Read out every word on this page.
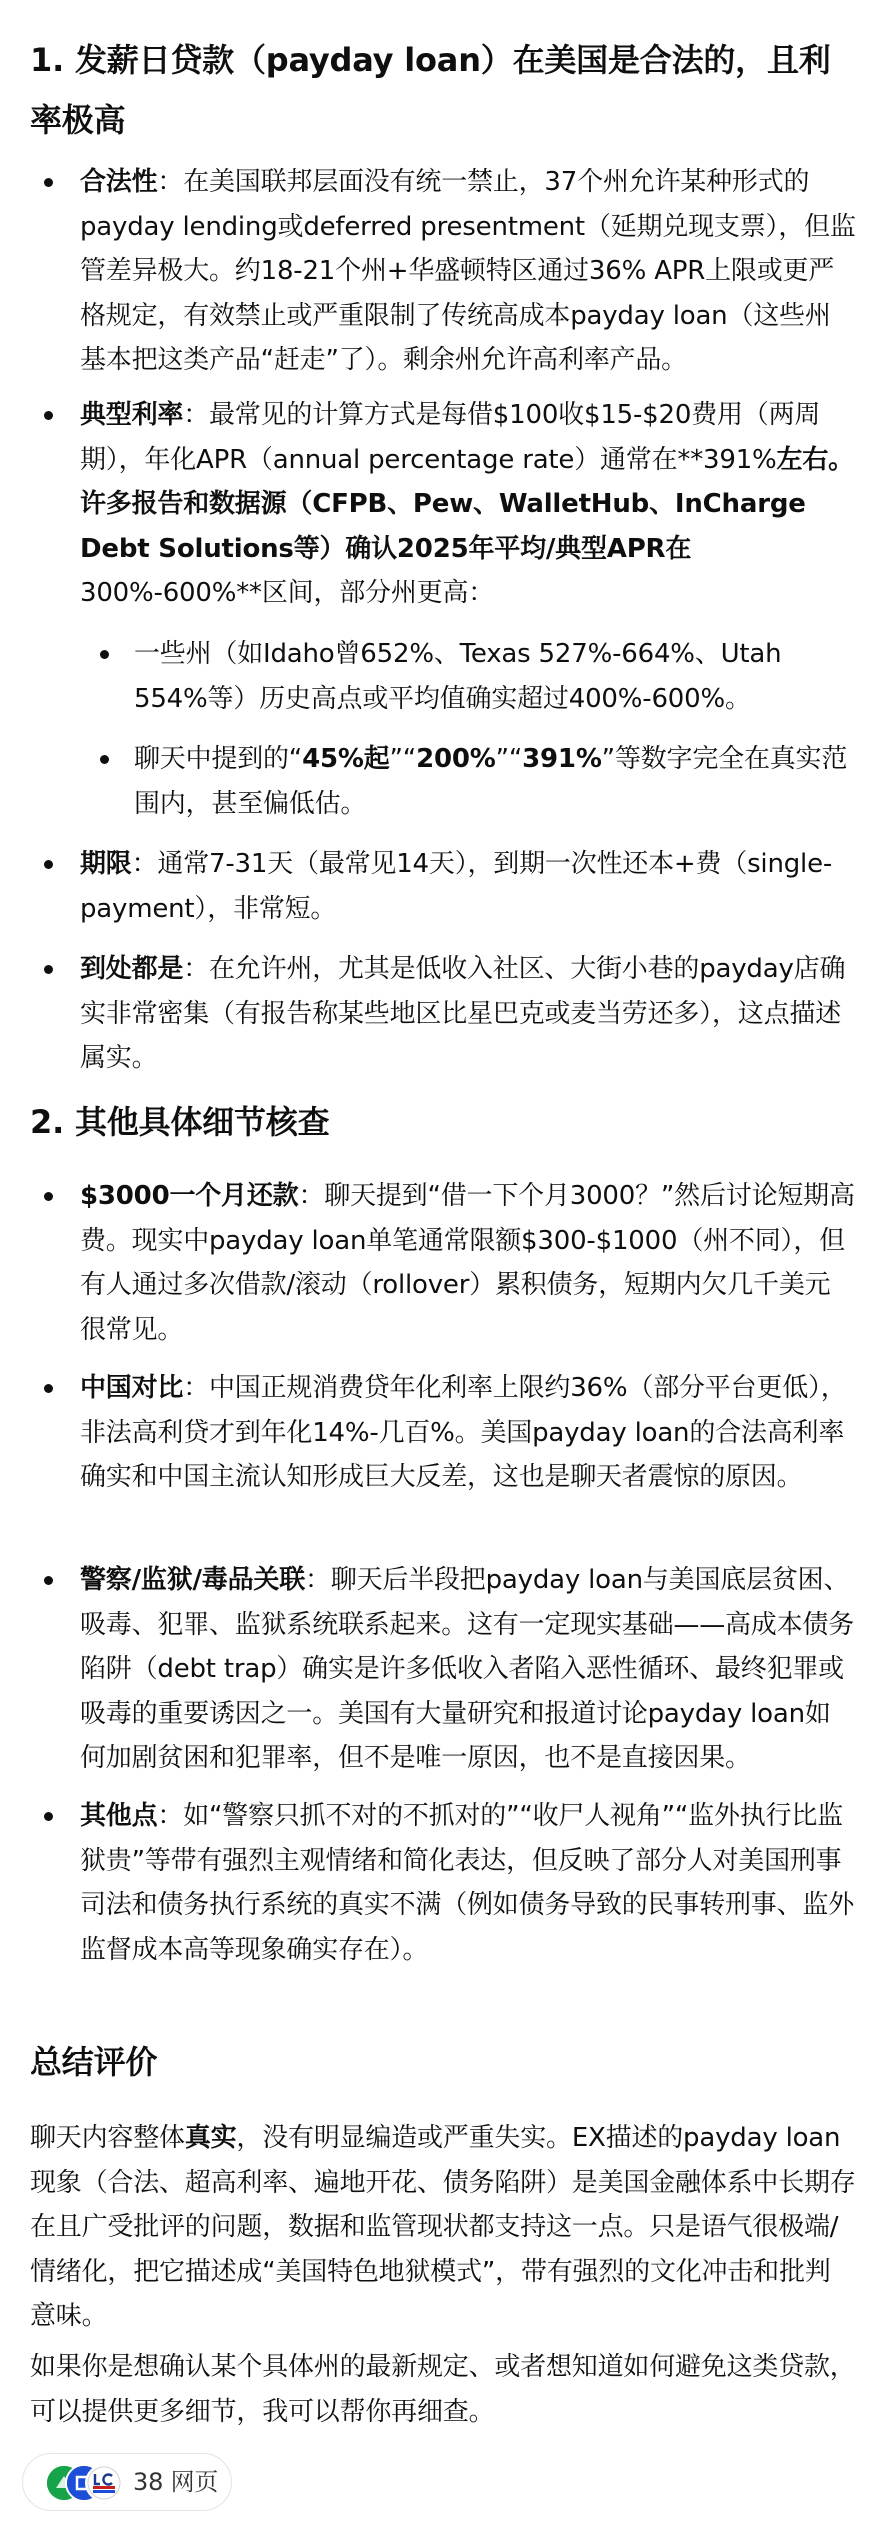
1. 发薪日贷款（payday loan）在美国是合法的，且利率极高
合法性：在美国联邦层面没有统一禁止，37个州允许某种形式的payday lending或deferred presentment（延期兑现支票），但监管差异极大。约18-21个州+华盛顿特区通过36% APR上限或更严格规定，有效禁止或严重限制了传统高成本payday loan（这些州基本把这类产品“赶走”了）。剩余州允许高利率产品。
典型利率：最常见的计算方式是每借$100收$15-$20费用（两周期），年化APR（annual percentage rate）通常在**391%左右。许多报告和数据源（CFPB、Pew、WalletHub、InCharge Debt Solutions等）确认2025年平均/典型APR在300%-600%**区间，部分州更高：
一些州（如Idaho曾652%、Texas 527%-664%、Utah 554%等）历史高点或平均值确实超过400%-600%。
聊天中提到的“45%起”“200%”“391%”等数字完全在真实范围内，甚至偏低估。
期限：通常7-31天（最常见14天），到期一次性还本+费（single-payment），非常短。
到处都是：在允许州，尤其是低收入社区、大街小巷的payday店确实非常密集（有报告称某些地区比星巴克或麦当劳还多），这点描述属实。
2. 其他具体细节核查
$3000一个月还款：聊天提到“借一下个月3000？”然后讨论短期高费。现实中payday loan单笔通常限额$300-$1000（州不同），但有人通过多次借款/滚动（rollover）累积债务，短期内欠几千美元很常见。
中国对比：中国正规消费贷年化利率上限约36%（部分平台更低），非法高利贷才到年化14%-几百%。美国payday loan的合法高利率确实和中国主流认知形成巨大反差，这也是聊天者震惊的原因。
警察/监狱/毒品关联：聊天后半段把payday loan与美国底层贫困、吸毒、犯罪、监狱系统联系起来。这有一定现实基础——高成本债务陷阱（debt trap）确实是许多低收入者陷入恶性循环、最终犯罪或吸毒的重要诱因之一。美国有大量研究和报道讨论payday loan如何加剧贫困和犯罪率，但不是唯一原因，也不是直接因果。
其他点：如“警察只抓不对的不抓对的”“收尸人视角”“监外执行比监狱贵”等带有强烈主观情绪和简化表达，但反映了部分人对美国刑事司法和债务执行系统的真实不满（例如债务导致的民事转刑事、监外监督成本高等现象确实存在）。
总结评价

聊天内容整体真实，没有明显编造或严重失实。EX描述的payday loan现象（合法、超高利率、遍地开花、债务陷阱）是美国金融体系中长期存在且广受批评的问题，数据和监管现状都支持这一点。只是语气很极端/情绪化，把它描述成“美国特色地狱模式”，带有强烈的文化冲击和批判意味。

如果你是想确认某个具体州的最新规定、或者想知道如何避免这类贷款，可以提供更多细节，我可以帮你再细查。

38 网页
